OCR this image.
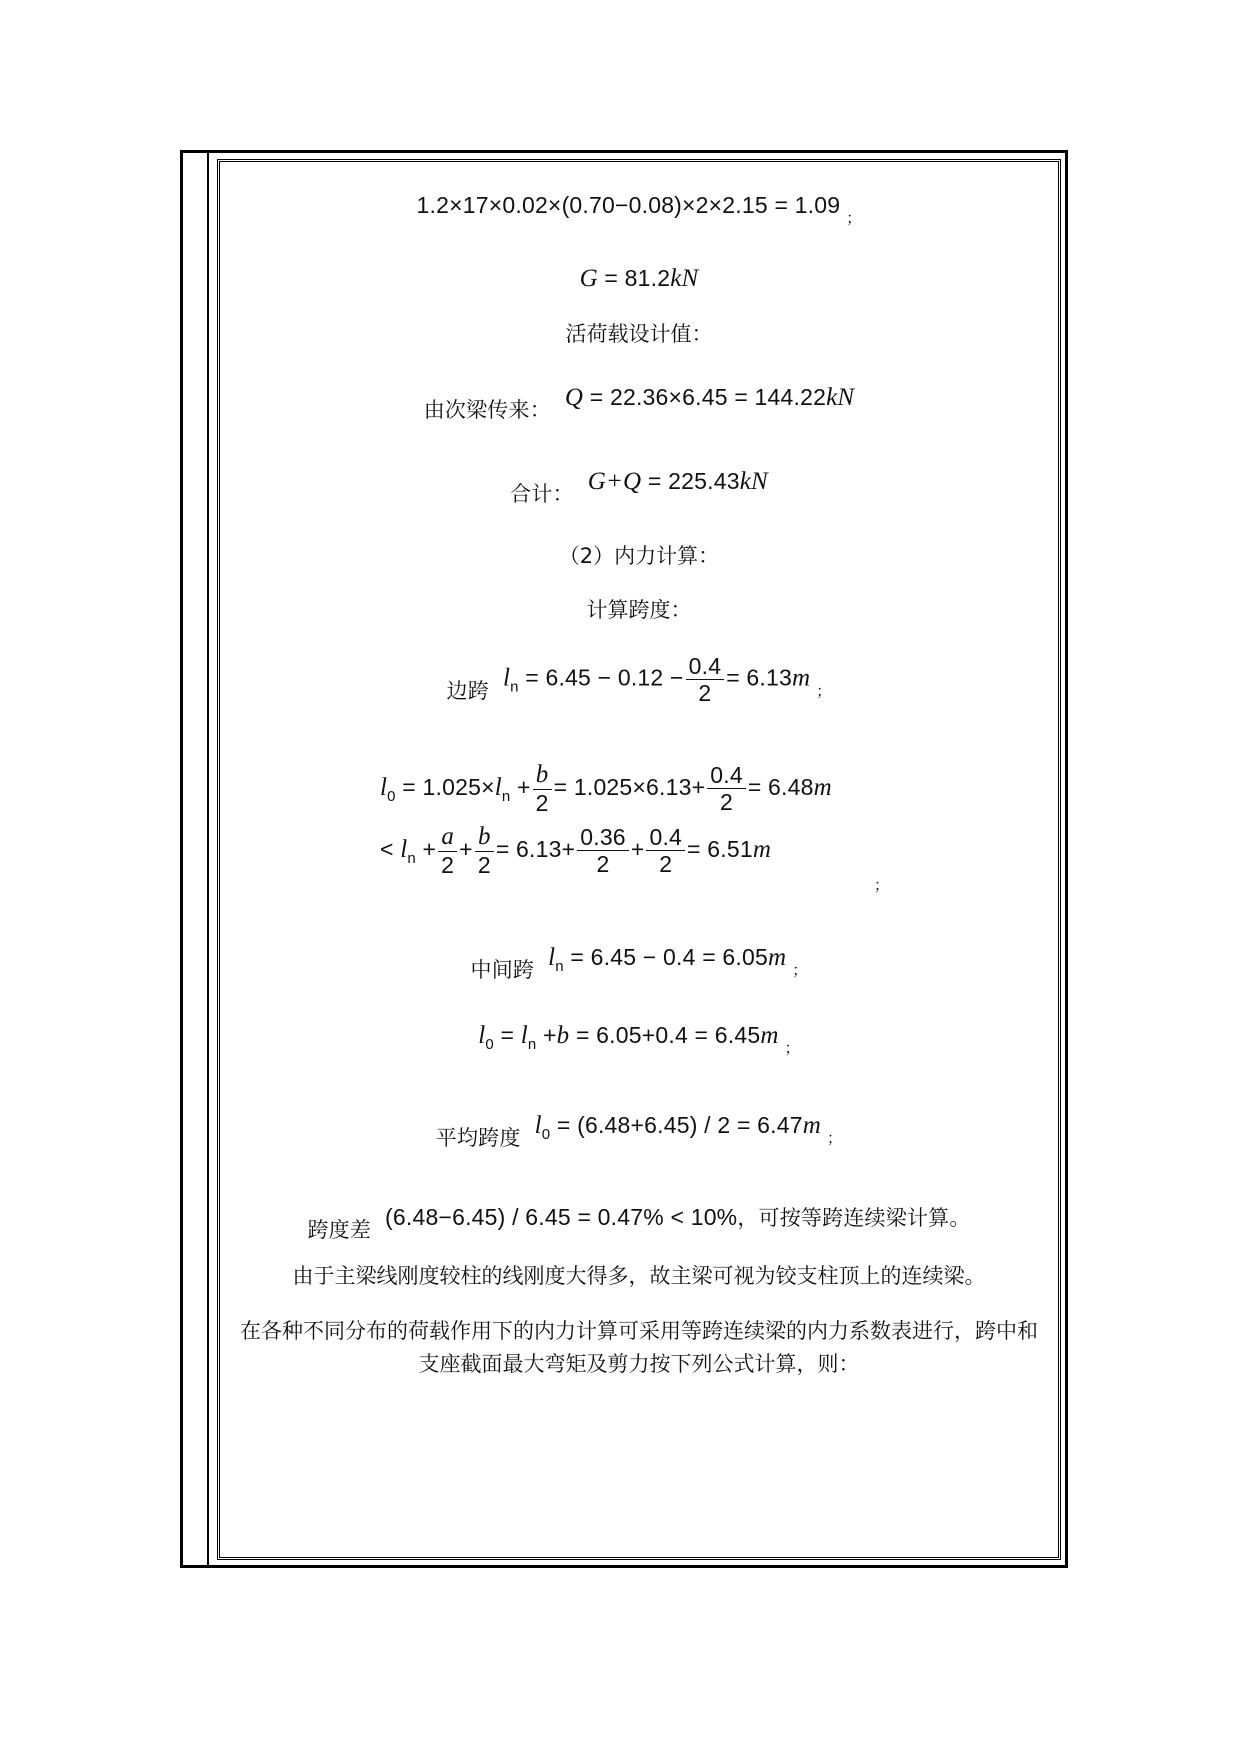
1.2×17×0.02×(0.70−0.08)×2×2.15 = 1.09 $_;$
G = 81.2kN
活荷载设计值：
由次梁传来： Q = 22.36×6.45 = 144.22kN
合计： G+Q = 225.43kN
（2）内力计算：
计算跨度：
边跨 $l_n = 6.45 - 0.12 - \frac{0.4}{2} = 6.13m$ $_;$
$l_0 = 1.025\times l_n + \frac{b}{2} = 1.025\times 6.13+ \frac{0.4}{2} = 6.48m$
< $l_n + \frac{a}{2} + \frac{b}{2} = 6.13+ \frac{0.36}{2} + \frac{0.4}{2} = 6.51m$
；
中间跨 $l_n = 6.45 - 0.4 = 6.05m$ $_;$
$l_0 = l_n +b = 6.05+0.4 = 6.45m$ $_;$
平均跨度 $l_0 = (6.48+6.45) / 2 = 6.47m$ $_;$
跨度差 (6.48−6.45) / 6.45 = 0.47% < 10%，可按等跨连续梁计算。
由于主梁线刚度较柱的线刚度大得多，故主梁可视为铰支柱顶上的连续梁。
在各种不同分布的荷载作用下的内力计算可采用等跨连续梁的内力系数表进行，跨中和
支座截面最大弯矩及剪力按下列公式计算，则：
